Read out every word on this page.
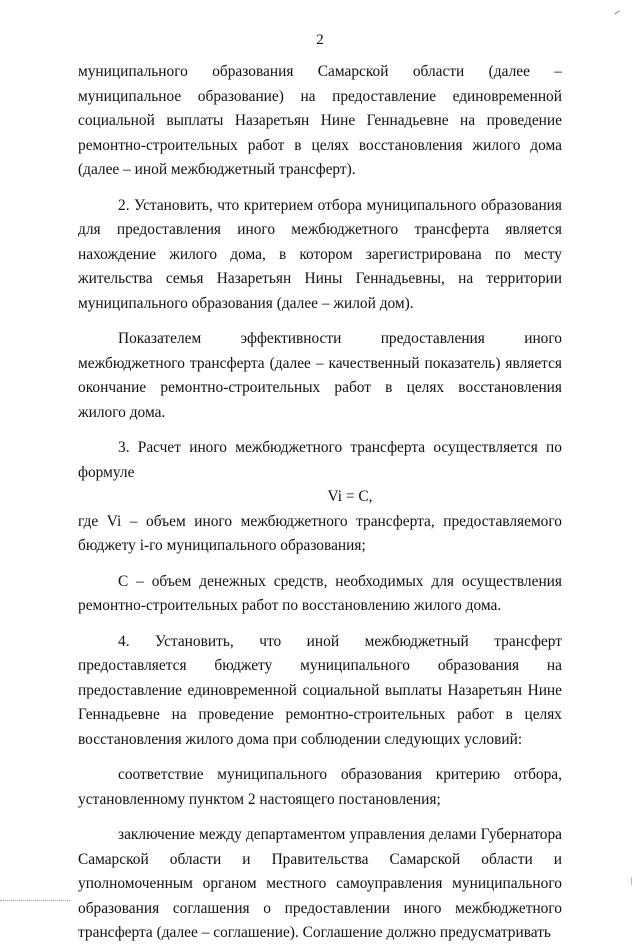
2

муниципального образования Самарской области (далее – муниципальное образование) на предоставление единовременной социальной выплаты Назаретьян Нине Геннадьевне на проведение ремонтно-строительных работ в целях восстановления жилого дома (далее – иной межбюджетный трансферт).

2. Установить, что критерием отбора муниципального образования для предоставления иного межбюджетного трансферта является нахождение жилого дома, в котором зарегистрирована по месту жительства семья Назаретьян Нины Геннадьевны, на территории муниципального образования (далее – жилой дом).

Показателем эффективности предоставления иного межбюджетного трансферта (далее – качественный показатель) является окончание ремонтно-строительных работ в целях восстановления жилого дома.

3. Расчет иного межбюджетного трансферта осуществляется по формуле

Vi = C,

где Vi – объем иного межбюджетного трансферта, предоставляемого бюджету i-го муниципального образования;

C – объем денежных средств, необходимых для осуществления ремонтно-строительных работ по восстановлению жилого дома.

4. Установить, что иной межбюджетный трансферт предоставляется бюджету муниципального образования на предоставление единовременной социальной выплаты Назаретьян Нине Геннадьевне на проведение ремонтно-строительных работ в целях восстановления жилого дома при соблюдении следующих условий:

соответствие муниципального образования критерию отбора, установленному пунктом 2 настоящего постановления;

заключение между департаментом управления делами Губернатора Самарской области и Правительства Самарской области и уполномоченным органом местного самоуправления муниципального образования соглашения о предоставлении иного межбюджетного трансферта (далее – соглашение). Соглашение должно предусматривать
